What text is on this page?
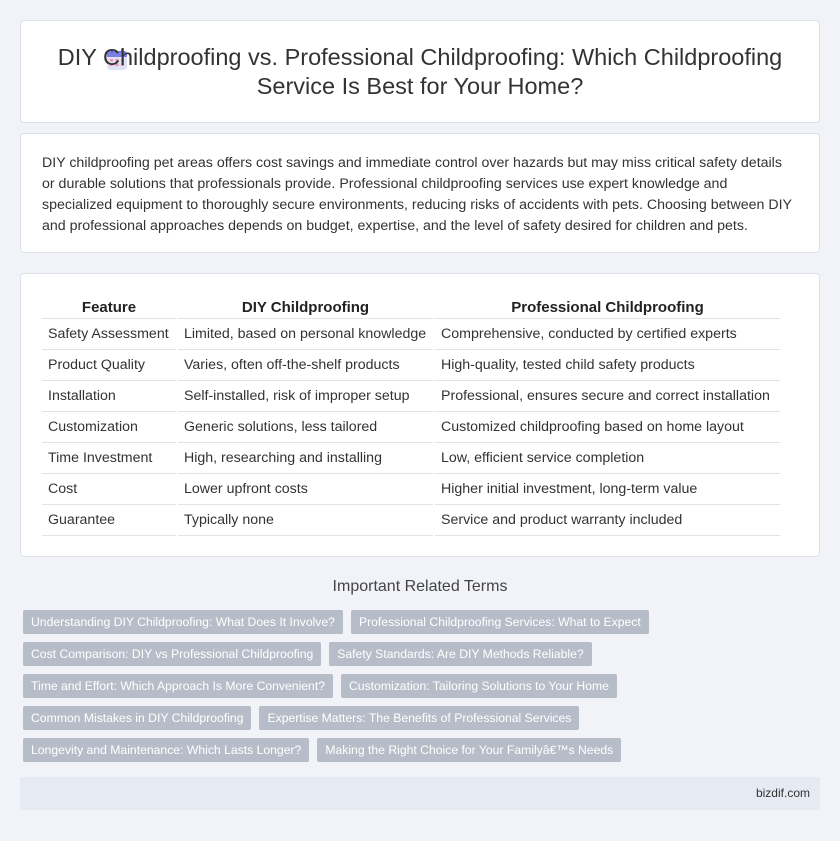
DIY Childproofing vs. Professional Childproofing: Which Childproofing Service Is Best for Your Home?

DIY childproofing pet areas offers cost savings and immediate control over hazards but may miss critical safety details or durable solutions that professionals provide. Professional childproofing services use expert knowledge and specialized equipment to thoroughly secure environments, reducing risks of accidents with pets. Choosing between DIY and professional approaches depends on budget, expertise, and the level of safety desired for children and pets.

Feature	DIY Childproofing	Professional Childproofing
Safety Assessment	Limited, based on personal knowledge	Comprehensive, conducted by certified experts
Product Quality	Varies, often off-the-shelf products	High-quality, tested child safety products
Installation	Self-installed, risk of improper setup	Professional, ensures secure and correct installation
Customization	Generic solutions, less tailored	Customized childproofing based on home layout
Time Investment	High, researching and installing	Low, efficient service completion
Cost	Lower upfront costs	Higher initial investment, long-term value
Guarantee	Typically none	Service and product warranty included
Important Related Terms
Understanding DIY Childproofing: What Does It Involve?	Professional Childproofing Services: What to Expect
Cost Comparison: DIY vs Professional Childproofing	Safety Standards: Are DIY Methods Reliable?
Time and Effort: Which Approach Is More Convenient?	Customization: Tailoring Solutions to Your Home
Common Mistakes in DIY Childproofing	Expertise Matters: The Benefits of Professional Services
Longevity and Maintenance: Which Lasts Longer?	Making the Right Choice for Your Familyâ€™s Needs
bizdif.com
